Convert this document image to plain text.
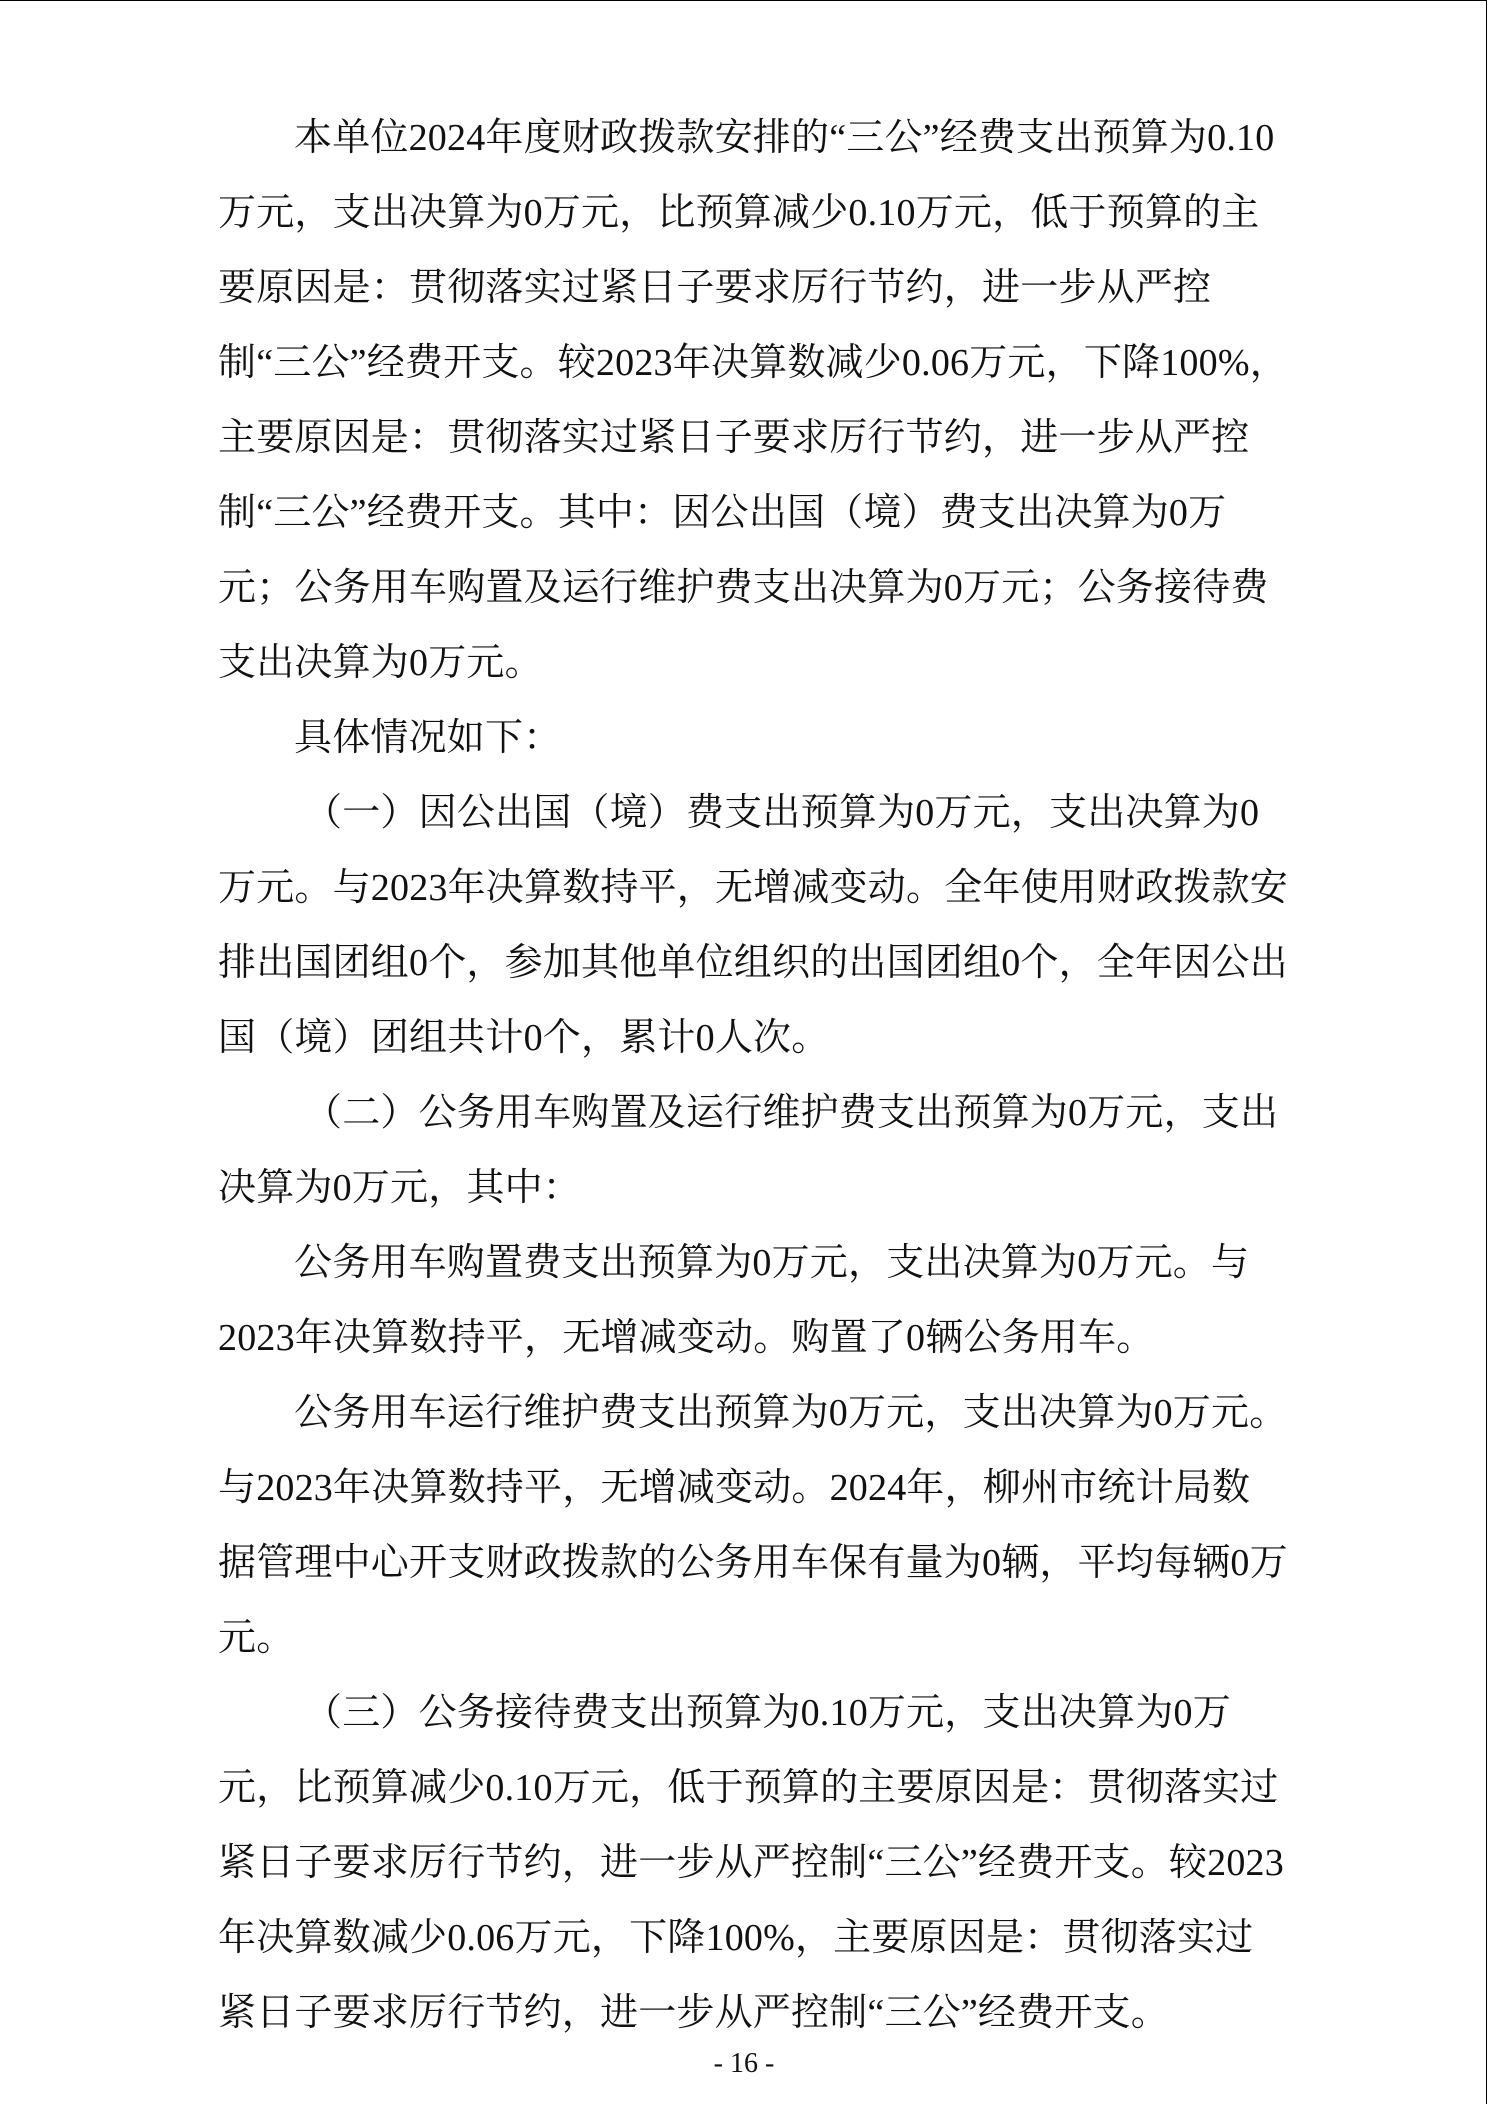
本单位2024年度财政拨款安排的“三公”经费支出预算为0.10万元，支出决算为0万元，比预算减少0.10万元，低于预算的主要原因是：贯彻落实过紧日子要求厉行节约，进一步从严控制“三公”经费开支。较2023年决算数减少0.06万元，下降100%，主要原因是：贯彻落实过紧日子要求厉行节约，进一步从严控制“三公”经费开支。其中：因公出国（境）费支出决算为0万元；公务用车购置及运行维护费支出决算为0万元；公务接待费支出决算为0万元。

具体情况如下：

（一）因公出国（境）费支出预算为0万元，支出决算为0万元。与2023年决算数持平，无增减变动。全年使用财政拨款安排出国团组0个，参加其他单位组织的出国团组0个，全年因公出国（境）团组共计0个，累计0人次。

（二）公务用车购置及运行维护费支出预算为0万元，支出决算为0万元，其中：

公务用车购置费支出预算为0万元，支出决算为0万元。与2023年决算数持平，无增减变动。购置了0辆公务用车。

公务用车运行维护费支出预算为0万元，支出决算为0万元。与2023年决算数持平，无增减变动。2024年，柳州市统计局数据管理中心开支财政拨款的公务用车保有量为0辆，平均每辆0万元。

（三）公务接待费支出预算为0.10万元，支出决算为0万元，比预算减少0.10万元，低于预算的主要原因是：贯彻落实过紧日子要求厉行节约，进一步从严控制“三公”经费开支。较2023年决算数减少0.06万元，下降100%，主要原因是：贯彻落实过紧日子要求厉行节约，进一步从严控制“三公”经费开支。

- 16 -
